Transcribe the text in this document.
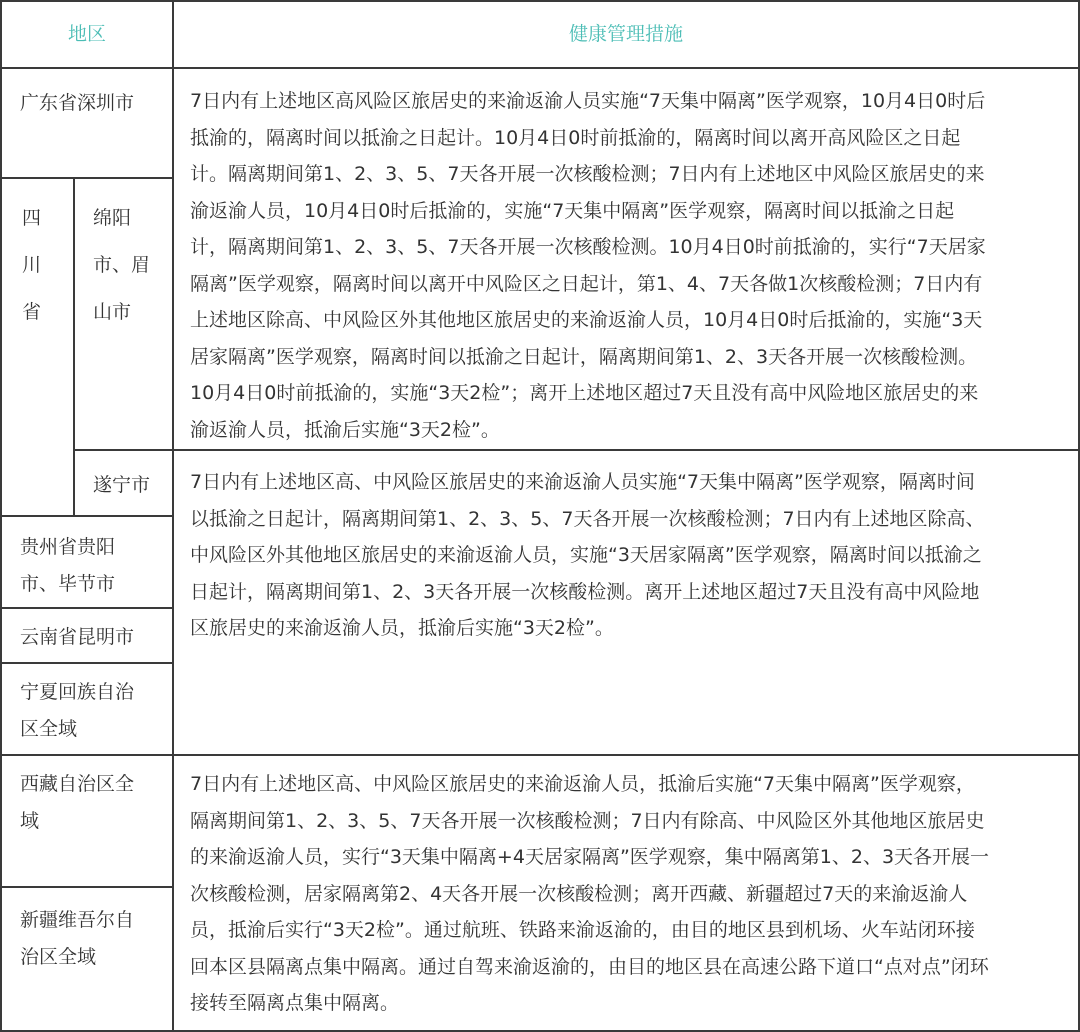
地区	健康管理措施
广东省深圳市
四
川
省
绵阳
市、眉
山市
遂宁市
贵州省贵阳
市、毕节市
云南省昆明市
宁夏回族自治
区全域
西藏自治区全
域
新疆维吾尔自
治区全域
7日内有上述地区高风险区旅居史的来渝返渝人员实施“7天集中隔离”医学观察，10月4日0时后
抵渝的，隔离时间以抵渝之日起计。10月4日0时前抵渝的，隔离时间以离开高风险区之日起
计。隔离期间第1、2、3、5、7天各开展一次核酸检测；7日内有上述地区中风险区旅居史的来
渝返渝人员，10月4日0时后抵渝的，实施“7天集中隔离”医学观察，隔离时间以抵渝之日起
计，隔离期间第1、2、3、5、7天各开展一次核酸检测。10月4日0时前抵渝的，实行“7天居家
隔离”医学观察，隔离时间以离开中风险区之日起计，第1、4、7天各做1次核酸检测；7日内有
上述地区除高、中风险区外其他地区旅居史的来渝返渝人员，10月4日0时后抵渝的，实施“3天
居家隔离”医学观察，隔离时间以抵渝之日起计，隔离期间第1、2、3天各开展一次核酸检测。
10月4日0时前抵渝的，实施“3天2检”；离开上述地区超过7天且没有高中风险地区旅居史的来
渝返渝人员，抵渝后实施“3天2检”。
7日内有上述地区高、中风险区旅居史的来渝返渝人员实施“7天集中隔离”医学观察，隔离时间
以抵渝之日起计，隔离期间第1、2、3、5、7天各开展一次核酸检测；7日内有上述地区除高、
中风险区外其他地区旅居史的来渝返渝人员，实施“3天居家隔离”医学观察，隔离时间以抵渝之
日起计，隔离期间第1、2、3天各开展一次核酸检测。离开上述地区超过7天且没有高中风险地
区旅居史的来渝返渝人员，抵渝后实施“3天2检”。
7日内有上述地区高、中风险区旅居史的来渝返渝人员，抵渝后实施“7天集中隔离”医学观察，
隔离期间第1、2、3、5、7天各开展一次核酸检测；7日内有除高、中风险区外其他地区旅居史
的来渝返渝人员，实行“3天集中隔离+4天居家隔离”医学观察，集中隔离第1、2、3天各开展一
次核酸检测，居家隔离第2、4天各开展一次核酸检测；离开西藏、新疆超过7天的来渝返渝人
员，抵渝后实行“3天2检”。通过航班、铁路来渝返渝的，由目的地区县到机场、火车站闭环接
回本区县隔离点集中隔离。通过自驾来渝返渝的，由目的地区县在高速公路下道口“点对点”闭环
接转至隔离点集中隔离。
